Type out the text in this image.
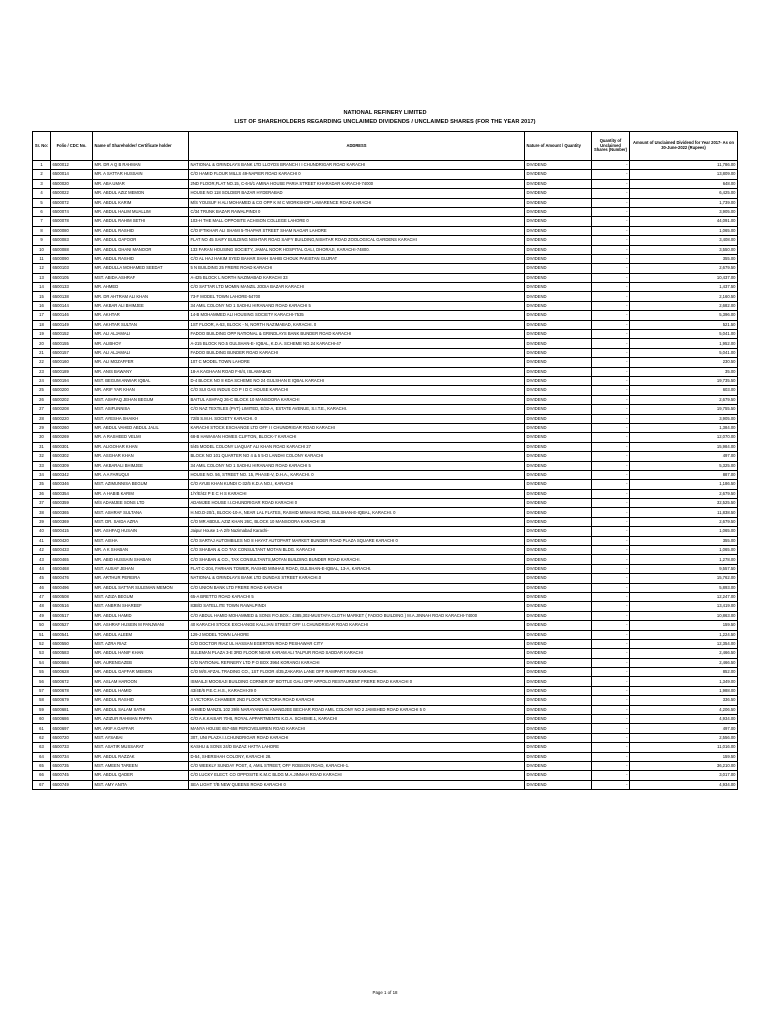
NATIONAL REFINERY LIMITED
LIST OF SHAREHOLDERS REGARDING UNCLAIMED DIVIDENDS / UNCLAIMED SHARES (FOR THE YEAR 2017)
Sr. No:	Folio / CDC No.	Name of Shareholder/ Certificate holder	ADDRESS	Nature of Amount / Quantity	Quantity of Unclaimed Shares (Number)	Amount of Unclaimed Dividend for Year 2017- As on 30-June-2022 (Rupees)
1	6500012	MR. DR A Q B RAHMAN	NATIONAL & GRINDLAYS BANK LTD LLOYDS BRANCH I I CHUNDRIGAR ROAD KARACHI	DIVIDEND	-	11,786.00
2	6500014	MR. A SATTAR HUSSAIN	C/O HAMID FLOUR MILLS 49-NAPIER ROAD KARACHI 0	DIVIDEND	-	13,809.00
3	6500020	MR. ABA UMAR	2ND FLOOR,FLAT NO.15, C-6-5/1 AMINA HOUSE PARIA STREET KHARADAR KARACHI-74000	DIVIDEND	-	648.00
4	6500022	MR. ABDUL AZIZ MEMON	HOUSE NO 118 SOLDIER BAZAR HYDERABAD	DIVIDEND	-	6,425.00
5	6500072	MR. ABDUL KARIM	M/S YOUSUF H ALI MOHAMED & CO OPP K M C WORKSHOP LAWARENCE ROAD KARACHI	DIVIDEND	-	1,739.00
6	6500074	MR. ABDUL HALIM MUALLIM	C/34 TRUNK BAZAR RAWALPINDI 0	DIVIDEND	-	3,905.00
7	6500078	MR. ABDUL RAHIM SETHI	103-H THE MALL OPPOSITE ACHISON COLLEGE LAHORE 0	DIVIDEND	-	44,091.00
8	6500080	MR. ABDUL RASHID	C/O IFTIKHAR ALI SHAMI 5-THAPAR STREET SHAM NAGAR LAHORE	DIVIDEND	-	1,065.00
9	6500083	MR. ABDUL GAFOOR	FLAT NO 45 SAIFY BUILDING NISHTAR ROAD SAIFY BUILDING,NISHTAR ROAD ZOOLOGICAL GARDENS KARACHI	DIVIDEND	-	3,408.00
10	6500088	MR. ABDUL GHANI MANOOR	133 FARAN HOUSING SOCIETY, JAMAL NOOR HOSPITAL GALI, DHORAJI, KARACHI-74800.	DIVIDEND	-	3,550.00
11	6500090	MR. ABDUL RASHID	C/O AL HAJ HAKIM SYED BAHAR SHAH SAHIB CHOUK PAKISTAN GUJRAT	DIVIDEND	-	355.00
12	6500103	MR. ABDULLA MOHAMED SEEDAT	5 N BUILDING 25 FRERE ROAD KARACHI	DIVIDEND	-	2,679.50
13	6500105	MST. ABIDA ASHRAF	A-425 BLOCK L NORTH NAZIMABAD KARACHI 33	DIVIDEND	-	10,437.00
14	6500133	MR. AHMED	C/O SATTAR LTD MOMIN MANZIL JODIA BAZAR KARACHI	DIVIDEND	-	1,437.50
15	6500138	MR. DR AHTRAM ALI KHAN	73-F MODEL TOWN LAHORE-54700	DIVIDEND	-	2,160.50
16	6500144	MR. AKBAR ALI BHIMJEE	34 AMIL COLONY NO 1 SADHU HIRANAND ROAD KARACHI 5	DIVIDEND	-	2,682.00
17	6500146	MR. AKHTAR	14-B MOHAMMED ALI HOUSING SOCIETY KARACHI-7535	DIVIDEND	-	5,396.00
18	6500149	MR. AKHTAR SULTAN	1ST FLOOR, A-53, BLOCK - N, NORTH NAZIMABAD, KARACHI. 0	DIVIDEND	-	521.50
19	6500152	MR. ALI ALJAMALI	FADOO BUILDING OPP NATIONAL & GRINDLAYS BANK BUNDER ROAD KARACHI	DIVIDEND	-	5,041.00
20	6500155	MR. ALIBHOY	A-215 BLOCK NO.5 GULSHAN-E- IQBAL, K.D.A. SCHEME NO.24 KARACHI-47	DIVIDEND	-	1,952.00
21	6500157	MR. ALI ALJAMALI	FADOO BUILDING BUNDER ROAD KARACHI	DIVIDEND	-	5,041.00
22	6500160	MR. ALI MOZAFFER	107 C MODEL TOWN LAHORE	DIVIDEND	-	230.50
23	6500189	MR. ANIS BAWANY	18-A KAGHAAN ROAD F-8/4, ISLAMABAD	DIVIDEND	-	35.00
24	6500194	MST. BEGUM ANWAR IQBAL	D-4 BLOCK NO 8 KDA SCHEME NO 24 GULSHAN E IQBAL KARACHI	DIVIDEND	-	19,735.50
25	6500200	MR. ARIF YAR KHAN	C/O SUI GAS INDUS CO P I D C HOUSE KARACHI	DIVIDEND	-	603.00
26	6500202	MST. ASHFAQ JEHAN BEGUM	BAITUL ASHFAQ 26-C BLOCK 10 MANSOORA KARACHI	DIVIDEND	-	2,679.50
27	6500208	MST. ASIFUNNISA	C/O NAZ TEXTILES (PVT) LIMITED, E/32-A, ESTATE AVENUE, S.I.T.E., KARACHI.	DIVIDEND	-	19,755.50
28	6500220	MST. AYESHA SHAIKH	72/B S.M.H. SOCIETY KARACHI. 0	DIVIDEND	-	3,905.00
29	6500260	MR. ABDUL VAHED ABDUL JALIL	KARACHI STOCK EXCHANGE LTD OFF I I CHUNDRIGAR ROAD KARACHI	DIVIDEND	-	1,384.00
30	6500269	MR. A RASHEED VELMI	68-B HAWAIIAN HOMES CLIFTON, BLOCK-7 KARACHI	DIVIDEND	-	12,070.00
31	6500301	MR. ALIGOHAR KHAN	5/45 MODEL COLONY LIAQUAT ALI KHAN ROAD KARACHI 27	DIVIDEND	-	15,984.00
32	6500302	MR. ASGHAR KHAN	BLOCK NO 101 QUARTER NO 4 & 5 5-D LANDHI COLONY KARACHI	DIVIDEND	-	497.00
33	6500309	MR. AKBARALI BHIMJEE	34 AMIL COLONY NO 1 SADHU HIRANAND ROAD KARACHI 5	DIVIDEND	-	5,325.00
34	6500342	MR. A A FARUQUI	HOUSE NO. 56, STREET NO. 15, PHASE-V, D.H.A., KARACHI. 0	DIVIDEND	-	887.00
35	6500346	MST. AZIMUNNISA BEGUM	C/O AYUB KHAN KUNDI C-32/5 K.D.A NO.I, KARACHI	DIVIDEND	-	1,186.50
36	6500354	MR. A HABIB KARIM	1/Y/E/42 P E C H S KARACHI	DIVIDEND	-	2,679.50
37	6500359	M/S ADAMJEE SONS LTD	ADAMJEE HOUSE I.I.CHUNDRIGAR ROAD KARACHI 0	DIVIDEND	-	32,525.50
38	6500365	MST. ASHRAF SULTANA	H.NO.D-20/1, BLOCK-10-A, NEAR LAL FLATES, RASHID MINHAS ROAD, GULSHAN-E-IQBAL, KARACHI. 0	DIVIDEND	-	11,838.50
39	6500369	MST. DR. SAIDA AZRA	C/O MR ABDUL AZIZ KHAN 26C, BLOCK 10 MANSOORA KARACHI 38	DIVIDEND	-	2,679.50
40	6500415	MR. ASHFAQ HUSAIN	Jaipur House 1-A 2/9 Nazimabad Karachi-	DIVIDEND	-	1,065.00
41	6500420	MST. AISHA	C/O SARTAJ AUTOMBILES NO 8 HAYAT AUTOPART MARKET BUNDER ROAD PLAZA SQUARE KARACHI 0	DIVIDEND	-	355.00
42	6500433	MR. A K SHABAN	C/O SHABAN & CO TAX CONSULTANT MOTAN BLDG. KARACHI	DIVIDEND	-	1,065.00
43	6500465	MR. ABID HUSSAIN SHABAN	C/O SHABAN & CO., TAX CONSULTANTS,MOTAN BUILDING BUNDER ROAD KARACHI.	DIVIDEND	-	1,278.00
44	6500468	MST. AUSAF JEHAN	FLAT C-204, FARHAN TOWER, RASHID MINHAS ROAD, GULSHAN-E-IQBAL, 13-A, KARACHI.	DIVIDEND	-	9,557.50
45	6500476	MR. ARTHUR PEREIRA	NATIONAL & GRINDLAYS BANK LTD DUNDAS STREET KARACHI.0	DIVIDEND	-	15,762.00
46	6500496	MR. ABDUL SATTAR SULEMAN MEMON	C/O UNION BANK LTD FRERE ROAD KARACHI	DIVIDEND	-	5,893.00
47	6500508	MST. AZIZA BEGUM	65-A BRETTO ROAD KARACHI 5	DIVIDEND	-	12,247.00
48	6500516	MST. ANBRIN SHAREEF	83B/D SATELLITE TOWN RAWALPINDI	DIVIDEND	-	13,419.00
49	6500517	MR. ABDUL HAMID	C/O ABDUL HAMID MOHAMMED & SONS P.O.BOX.: 4385,302-MUSTAFA CLOTH MARKET ( FADOO BUILDING ) M.A.JINNAH ROAD KARACHI-74000	DIVIDEND	-	10,863.00
50	6500527	MR. ASHRAF HUSEIN M PANJWANI	40 KARACHI STOCK EXCHANGE KALLIAN STREET OFF I.I.CHUNDRIGAR ROAD KARACHI	DIVIDEND	-	159.50
51	6500541	MR. ABDUL ALEEM	129-J MODEL TOWN LAHORE	DIVIDEND	-	1,224.50
52	6500550	MST. AZRA RIAZ	C/O DOCTOR RIAZ UL HASSAN EGERTON ROAD PESHAWAR CITY	DIVIDEND	-	12,354.00
53	6500583	MR. ABDUL HANIF KHAN	SULEMAN PLAZA 3-E 3RD FLOOR NEAR KARAM ALI TALPUR ROAD SADDAR KARACHI	DIVIDEND	-	2,466.50
54	6500584	MR. AURENGAZEB	C/O NATIONAL REFINERY LTD P O BOX 3964 KORANGI KARACHI	DIVIDEND	-	2,466.50
55	6500628	MR. ABDUL GAFFAR MEMON	C/O M/S AFZAL TRADING CO., 1ST FLOOR 4/35,ZAKARIA LANE OFF RAMPART ROW KARACHI.	DIVIDEND	-	852.00
56	6500672	MR. ASLAM HAROON	ISMAILJI MOOSAJI BUILDING CORNER OF BOTTLE GALI OPP APPOLO RESTAURENT FRERE ROAD KARACHI 0	DIVIDEND	-	1,349.00
57	6500678	MR. ABDUL HAMID	43/4E/6 P.E.C.H.S., KARACHI-29 0	DIVIDEND	-	1,988.00
58	6500679	MR. ABDUL RASHID	3 VICTORIA CHAMBER 2ND FLOOR VICTORIA ROAD KARACHI	DIVIDEND	-	336.50
59	6500681	MR. ABDUL SALAM SATHI	AHMED MANZIL 102 39/6 NARAYANDAS ANANDJEE BECHAR ROAD AMIL COLONY NO 2 JAMSHED ROAD KARACHI 5 0	DIVIDEND	-	4,206.50
60	6500686	MR. AZIZUR RAHMAN PAPPA	C/O A.K.KAISAR 70-B, ROYAL APPARTMENTS K.D.A. SCHEME.1, KARACHI	DIVIDEND	-	4,934.00
61	6500697	MR. ARIF A GAFFAR	MANYA HOUSE 657-658 PERCIVELWREN ROAD KARACHI	DIVIDEND	-	497.00
62	6500720	MST. AYSABAI	307, UNI PLAZA I.I.CHUNDRIGAR ROAD KARACHI	DIVIDEND	-	2,556.00
63	6500733	MST. ASATIR MUSSARAT	KASHU & SONS 24/D BAZAZ HATTA LAHORE	DIVIDEND	-	11,016.00
64	6500734	MR. ABDUL RAZZAK	D-54, SHERSHAH COLONY, KARACHI 28.	DIVIDEND	-	159.50
65	6500735	MST. AMEEN TAREEN	C/O WEEKLY SUNDAY POST, 4, AMIL STREET, OFF ROBSON ROAD, KARACHI-1.	DIVIDEND	-	36,210.00
66	6500745	MR. ABDUL QADER	C/O LUCKY ELECT. CO OPPOSITE K.M.C BLDG M.A.JINNAH ROAD KARACHI	DIVIDEND	-	3,017.00
67	6500749	MST. AMY ANITA	SEA LIGHT 7/B NEW QUEENS ROAD KARACHI 0	DIVIDEND	-	4,934.00
Page 1 of 18
